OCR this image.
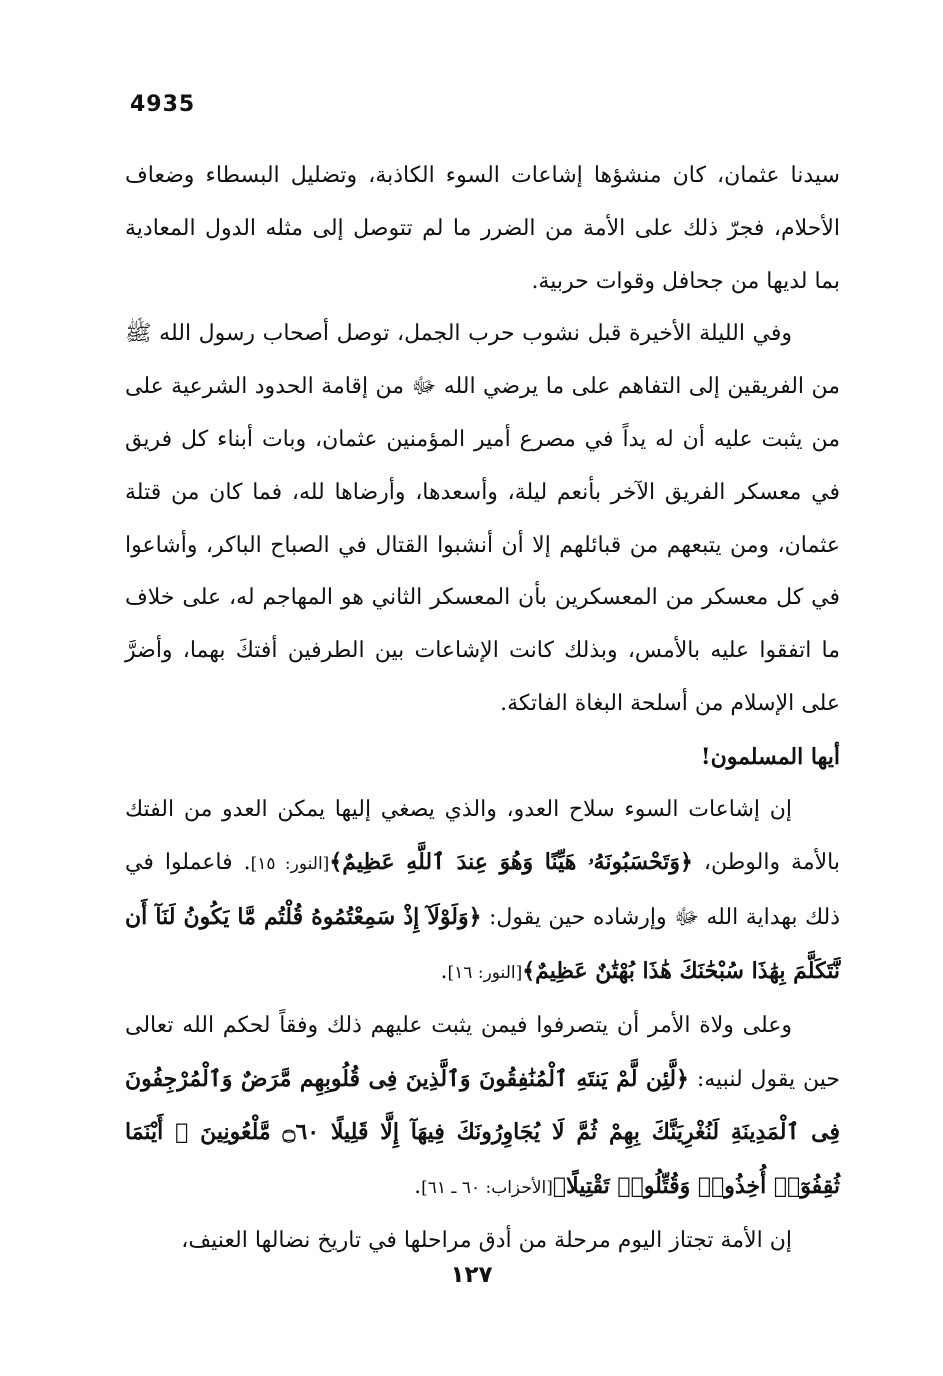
4935

سيدنا عثمان، كان منشؤها إشاعات السوء الكاذبة، وتضليل البسطاء وضعاف الأحلام، فجرّ ذلك على الأمة من الضرر ما لم تتوصل إلى مثله الدول المعادية بما لديها من جحافل وقوات حربية.

وفي الليلة الأخيرة قبل نشوب حرب الجمل، توصل أصحاب رسول الله ﷺ من الفريقين إلى التفاهم على ما يرضي الله ﷻ من إقامة الحدود الشرعية على من يثبت عليه أن له يداً في مصرع أمير المؤمنين عثمان، وبات أبناء كل فريق في معسكر الفريق الآخر بأنعم ليلة، وأسعدها، وأرضاها لله، فما كان من قتلة عثمان، ومن يتبعهم من قبائلهم إلا أن أنشبوا القتال في الصباح الباكر، وأشاعوا في كل معسكر من المعسكرين بأن المعسكر الثاني هو المهاجم له، على خلاف ما اتفقوا عليه بالأمس، وبذلك كانت الإشاعات بين الطرفين أفتكَ بهما، وأضرَّ على الإسلام من أسلحة البغاة الفاتكة.

أيها المسلمون!

إن إشاعات السوء سلاح العدو، والذي يصغي إليها يمكن العدو من الفتك بالأمة والوطن، ﴿وَتَحْسَبُونَهُۥ هَيِّنًا وَهُوَ عِندَ ٱللَّهِ عَظِيمٌ﴾[النور: ١٥]. فاعملوا في ذلك بهداية الله ﷻ وإرشاده حين يقول: ﴿وَلَوْلَآ إِذْ سَمِعْتُمُوهُ قُلْتُم مَّا يَكُونُ لَنَآ أَن نَّتَكَلَّمَ بِهَٰذَا سُبْحَٰنَكَ هَٰذَا بُهْتَٰنٌ عَظِيمٌ﴾[النور: ١٦].

وعلى ولاة الأمر أن يتصرفوا فيمن يثبت عليهم ذلك وفقاً لحكم الله تعالى حين يقول لنبيه: ﴿لَّئِن لَّمْ يَنتَهِ ٱلْمُنَٰفِقُونَ وَٱلَّذِينَ فِى قُلُوبِهِم مَّرَضٌ وَٱلْمُرْجِفُونَ فِى ٱلْمَدِينَةِ لَنُغْرِيَنَّكَ بِهِمْ ثُمَّ لَا يُجَاوِرُونَكَ فِيهَآ إِلَّا قَلِيلًا ۝٦٠ مَّلْعُونِينَ ۖ أَيْنَمَا ثُقِفُوٓا۟ أُخِذُوا۟ وَقُتِّلُوا۟ تَقْتِيلًا﴾[الأحزاب: ٦٠ ـ ٦١].

إن الأمة تجتاز اليوم مرحلة من أدق مراحلها في تاريخ نضالها العنيف،

١٢٧
